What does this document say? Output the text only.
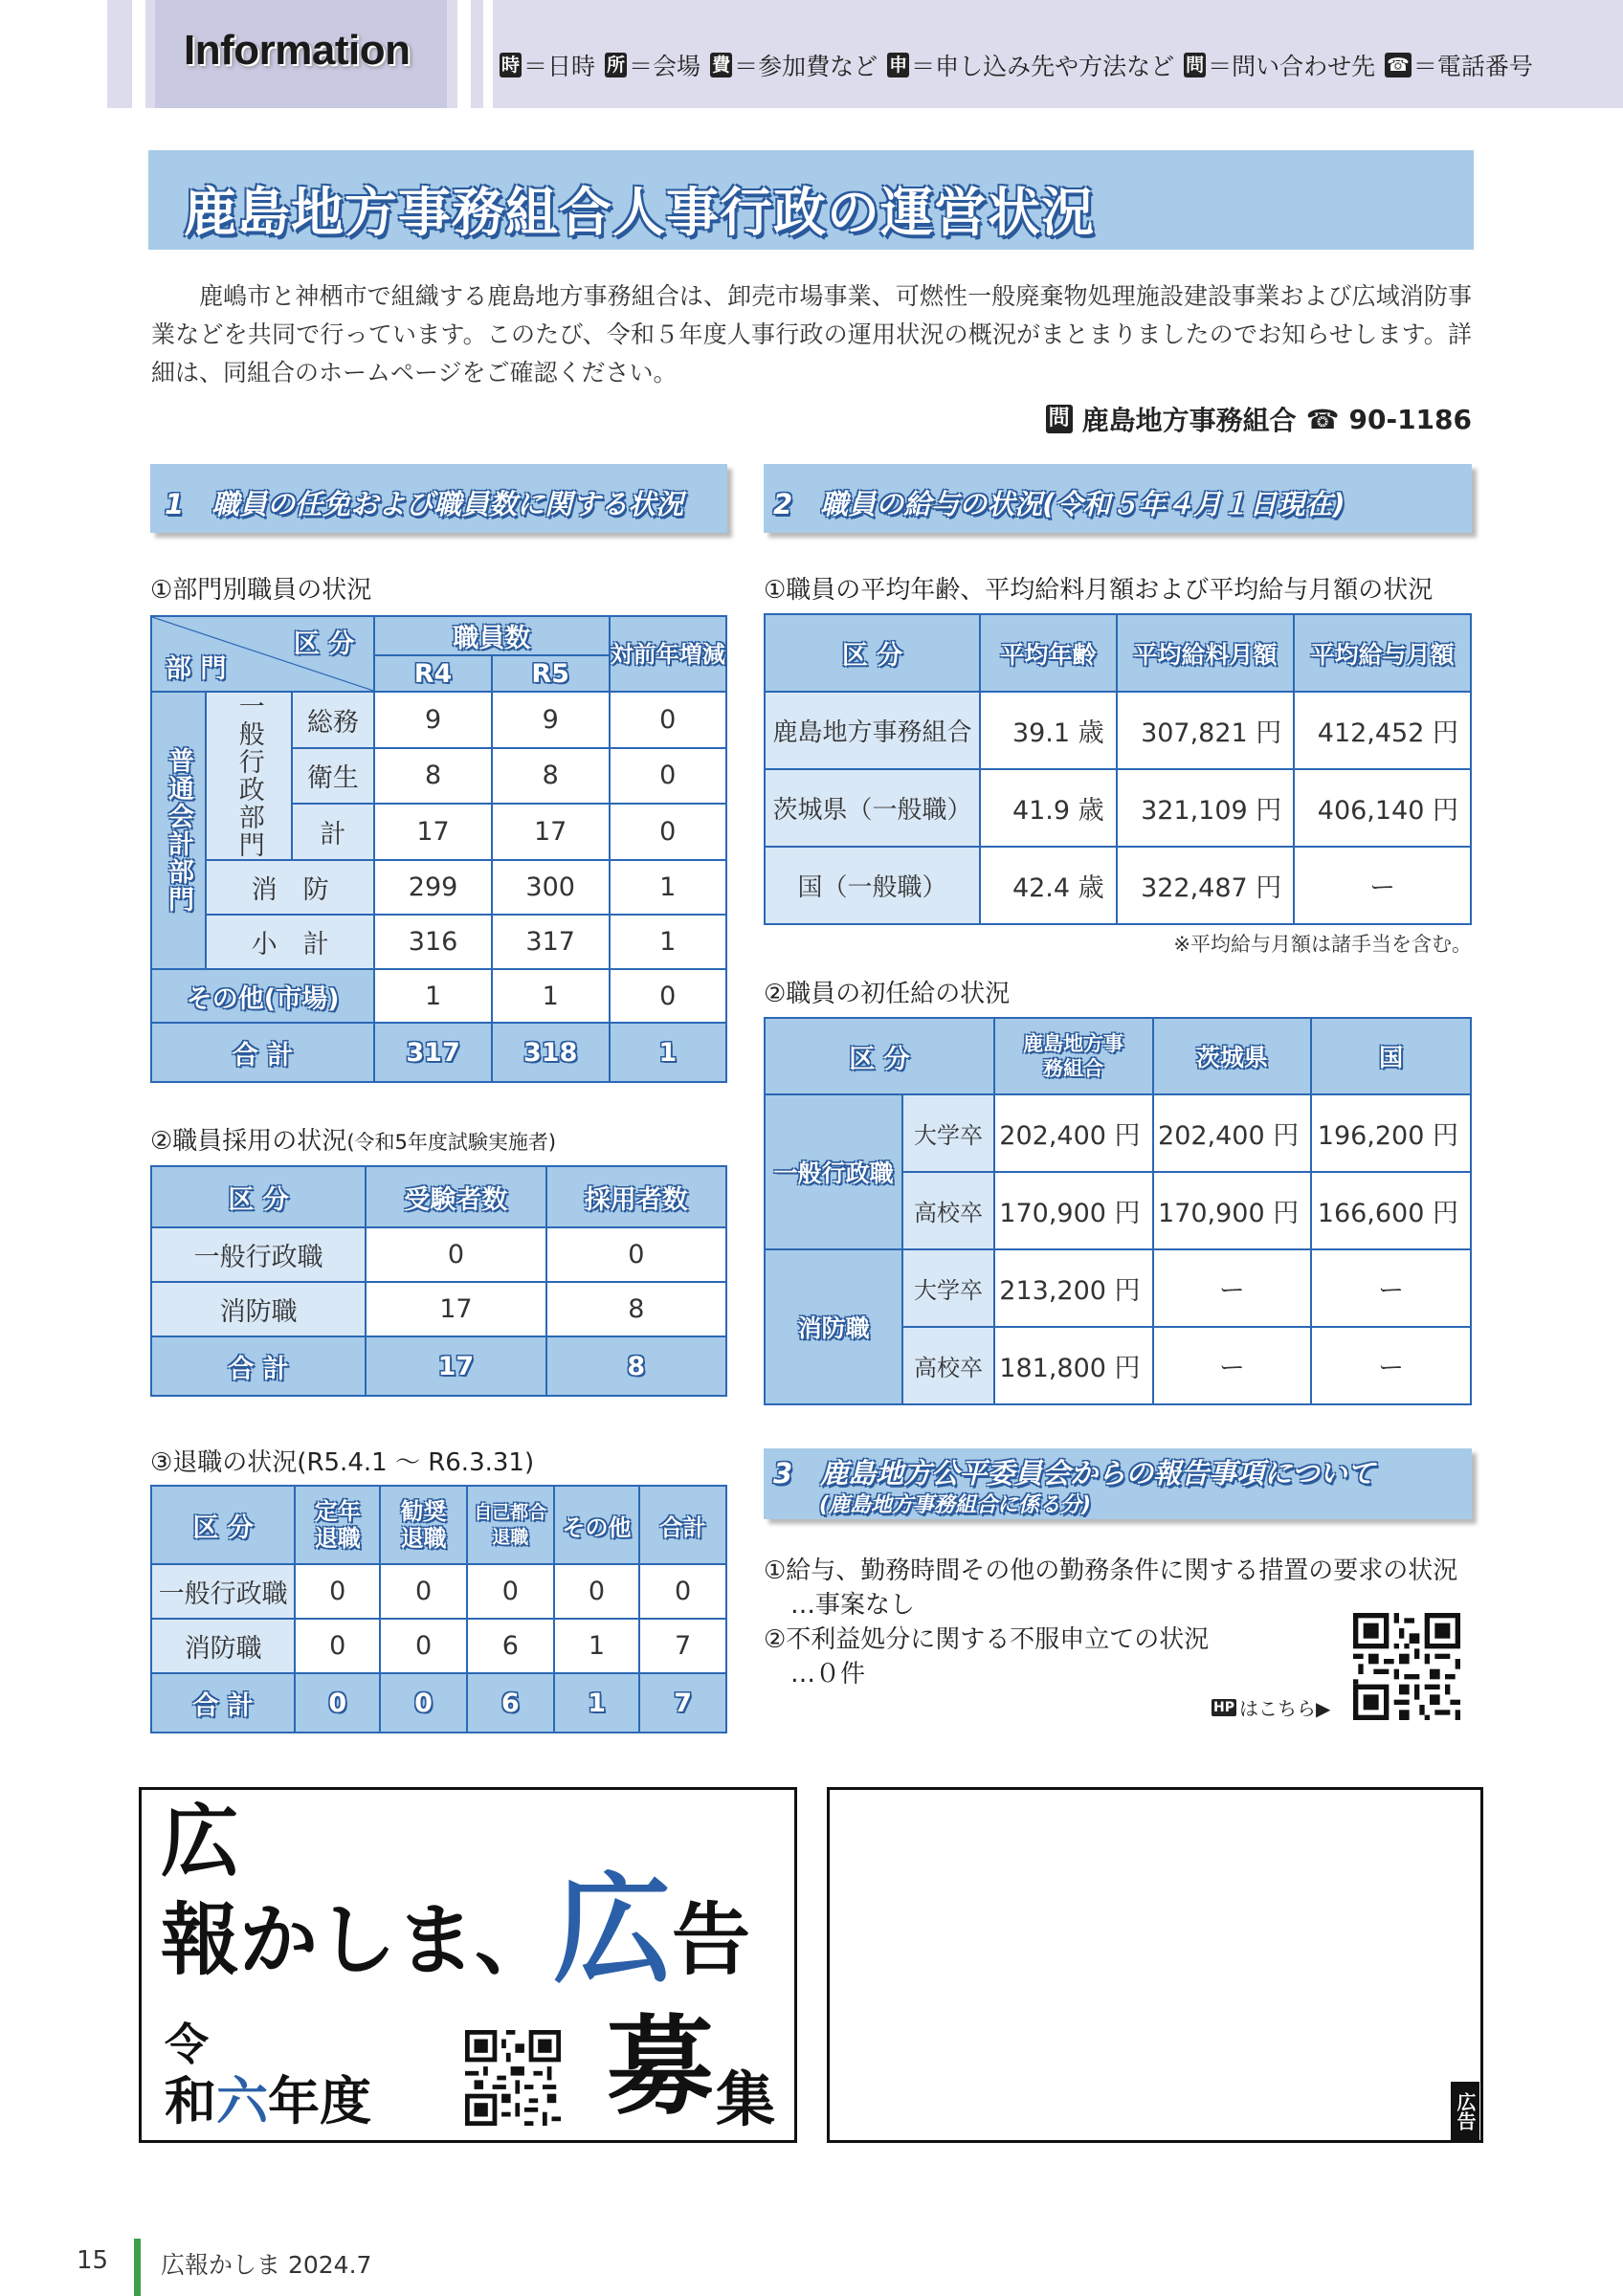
Information	時 ＝日時 所 ＝会場 費 ＝参加費など 申 ＝申し込み先や方法など 問 ＝問い合わせ先 ☎ ＝電話番号
鹿島地方事務組合人事行政の運営状況

鹿嶋市と神栖市で組織する鹿島地方事務組合は、卸売市場事業、可燃性一般廃棄物処理施設建設事業および広域消防事業などを共同で行っています。このたび、令和５年度人事行政の運用状況の概況がまとまりましたのでお知らせします。詳細は、同組合のホームページをご確認ください。

問 鹿島地方事務組合 ☎ 90-1186
1　職員の任免および職員数に関する状況
①部門別職員の状況
区 分
部 門			職員数		対前年増減
			R4	R5	
普通会計部門	一般行政部門	総務	9	9	0
		衛生	8	8	0
		計	17	17	0
	消　防		299	300	1
	小　計		316	317	1
その他(市場)			1	1	0
合 計			317	318	1
②職員採用の状況(令和5年度試験実施者)
区 分	受験者数	採用者数
一般行政職	0	0
消防職	17	8
合 計	17	8
③退職の状況(R5.4.1 ～ R6.3.31)
区 分	定年退職	勧奨退職	自己都合退職	その他	合計
一般行政職	0	0	0	0	0
消防職	0	0	6	1	7
合 計	0	0	6	1	7
2　職員の給与の状況(令和５年４月１日現在)
①職員の平均年齢、平均給料月額および平均給与月額の状況
区 分	平均年齢	平均給料月額	平均給与月額
鹿島地方事務組合	39.1 歳	307,821 円	412,452 円
茨城県（一般職）	41.9 歳	321,109 円	406,140 円
国（一般職）	42.4 歳	322,487 円	ー
※平均給与月額は諸手当を含む。
②職員の初任給の状況
区 分		鹿島地方事務組合	茨城県	国
一般行政職	大学卒	202,400 円	202,400 円	196,200 円
	高校卒	170,900 円	170,900 円	166,600 円
消防職	大学卒	213,200 円	ー	ー
	高校卒	181,800 円	ー	ー
3　鹿島地方公平委員会からの報告事項について
(鹿島地方事務組合に係る分)
①給与、勤務時間その他の勤務条件に関する措置の要求の状況
…事案なし
②不利益処分に関する不服申立ての状況
…０件
HP はこちら▶
広
報かしま、広告
令
和六年度 募 集	広告
15 広報かしま 2024.7
